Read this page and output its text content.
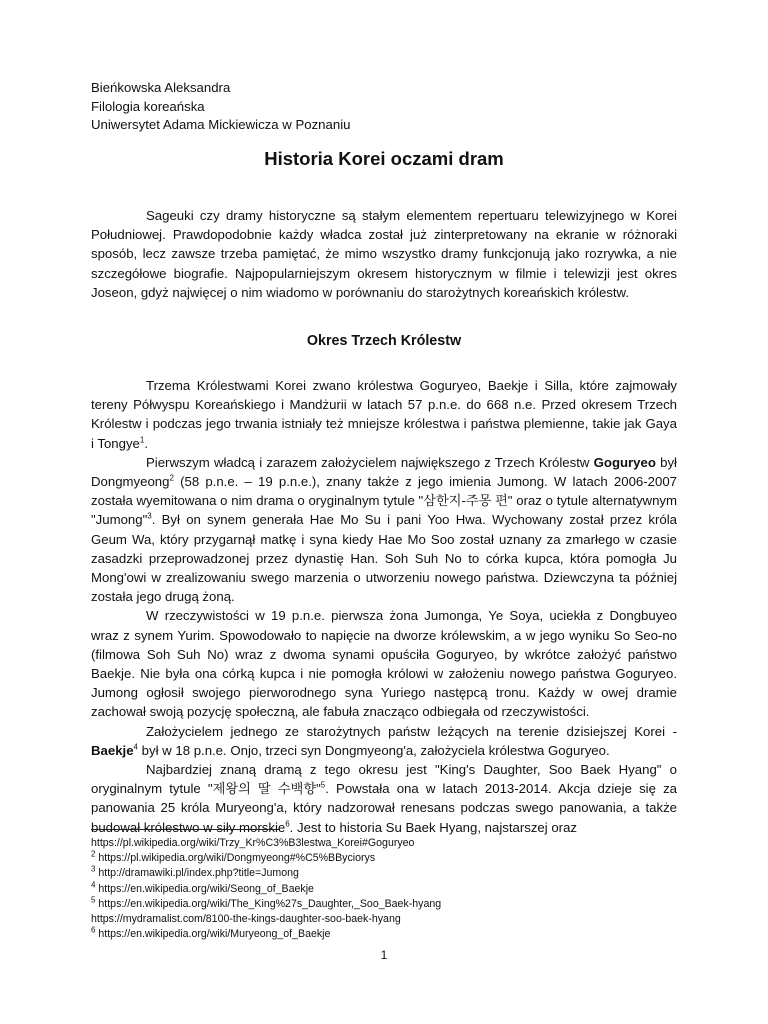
Bieńkowska Aleksandra
Filologia koreańska
Uniwersytet Adama Mickiewicza w Poznaniu
Historia Korei oczami dram

Sageuki czy dramy historyczne są stałym elementem repertuaru telewizyjnego w Korei Południowej. Prawdopodobnie każdy władca został już zinterpretowany na ekranie w różnoraki sposób, lecz zawsze trzeba pamiętać, że mimo wszystko dramy funkcjonują jako rozrywka, a nie szczegółowe biografie. Najpopularniejszym okresem historycznym w filmie i telewizji jest okres Joseon, gdyż najwięcej o nim wiadomo w porównaniu do starożytnych koreańskich królestw.

Okres Trzech Królestw

Trzema Królestwami Korei zwano królestwa Goguryeo, Baekje i Silla, które zajmowały tereny Półwyspu Koreańskiego i Mandżurii w latach 57 p.n.e. do 668 n.e. Przed okresem Trzech Królestw i podczas jego trwania istniały też mniejsze królestwa i państwa plemienne, takie jak Gaya i Tongye$^1$.

Pierwszym władcą i zarazem założycielem największego z Trzech Królestw Goguryeo był Dongmyeong$^2$ (58 p.n.e. – 19 p.n.e.), znany także z jego imienia Jumong. W latach 2006-2007 została wyemitowana o nim drama o oryginalnym tytule "삼한지-주몽 편" oraz o tytule alternatywnym "Jumong"$^3$. Był on synem generała Hae Mo Su i pani Yoo Hwa. Wychowany został przez króla Geum Wa, który przygarnął matkę i syna kiedy Hae Mo Soo został uznany za zmarłego w czasie zasadzki przeprowadzonej przez dynastię Han. Soh Suh No to córka kupca, która pomogła Ju Mong'owi w zrealizowaniu swego marzenia o utworzeniu nowego państwa. Dziewczyna ta później została jego drugą żoną.

W rzeczywistości w 19 p.n.e. pierwsza żona Jumonga, Ye Soya, uciekła z Dongbuyeo wraz z synem Yurim. Spowodowało to napięcie na dworze królewskim, a w jego wyniku So Seo-no (filmowa Soh Suh No) wraz z dwoma synami opuściła Goguryeo, by wkrótce założyć państwo Baekje. Nie była ona córką kupca i nie pomogła królowi w założeniu nowego państwa Goguryeo. Jumong ogłosił swojego pierworodnego syna Yuriego następcą tronu. Każdy w owej dramie zachował swoją pozycję społeczną, ale fabuła znacząco odbiegała od rzeczywistości.

Założycielem jednego ze starożytnych państw leżących na terenie dzisiejszej Korei - Baekje$^4$ był w 18 p.n.e. Onjo, trzeci syn Dongmyeong'a, założyciela królestwa Goguryeo.

Najbardziej znaną dramą z tego okresu jest "King's Daughter, Soo Baek Hyang" o oryginalnym tytule "제왕의 딸 수백향"$^5$. Powstała ona w latach 2013-2014. Akcja dzieje się za panowania 25 króla Muryeong'a, który nadzorował renesans podczas swego panowania, a także budował królestwo w siły morskie$^6$. Jest to historia Su Baek Hyang, najstarszej oraz

https://pl.wikipedia.org/wiki/Trzy_Kr%C3%B3lestwa_Korei#Goguryeo
$^2$ https://pl.wikipedia.org/wiki/Dongmyeong#%C5%BByciorys
$^3$ http://dramawiki.pl/index.php?title=Jumong
$^4$ https://en.wikipedia.org/wiki/Seong_of_Baekje
$^5$ https://en.wikipedia.org/wiki/The_King%27s_Daughter,_Soo_Baek-hyang
https://mydramalist.com/8100-the-kings-daughter-soo-baek-hyang
$^6$ https://en.wikipedia.org/wiki/Muryeong_of_Baekje
1
